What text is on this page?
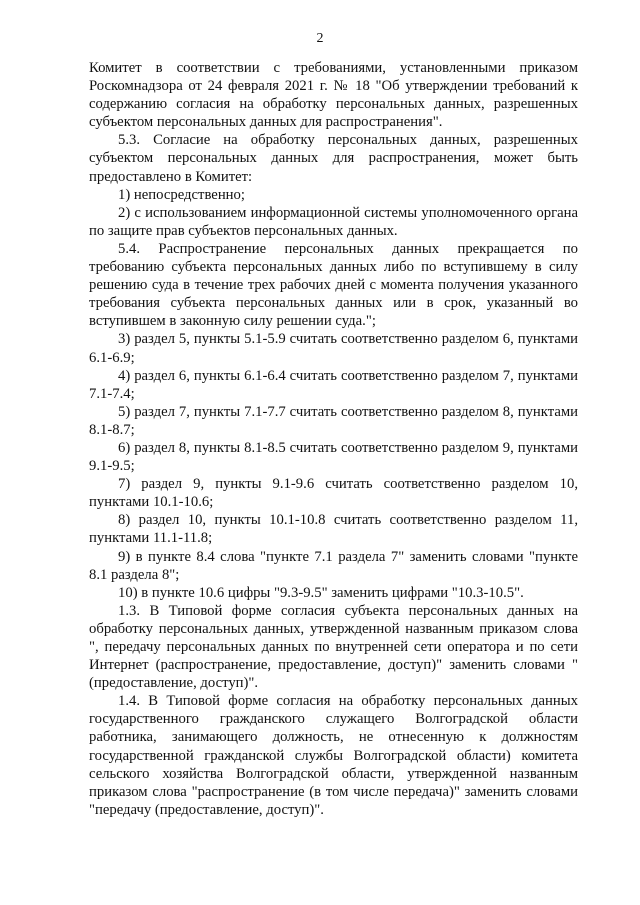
2

Комитет в соответствии с требованиями, установленными приказом Роскомнадзора от 24 февраля 2021 г. № 18 "Об утверждении требований к содержанию согласия на обработку персональных данных, разрешенных субъектом персональных данных для распространения".

5.3. Согласие на обработку персональных данных, разрешенных субъектом персональных данных для распространения, может быть предоставлено в Комитет:

1) непосредственно;

2) с использованием информационной системы уполномоченного органа по защите прав субъектов персональных данных.

5.4. Распространение персональных данных прекращается по требованию субъекта персональных данных либо по вступившему в силу решению суда в течение трех рабочих дней с момента получения указанного требования субъекта персональных данных или в срок, указанный во вступившем в законную силу решении суда.";

3) раздел 5, пункты 5.1-5.9 считать соответственно разделом 6, пунктами 6.1-6.9;

4) раздел 6, пункты 6.1-6.4 считать соответственно разделом 7, пунктами 7.1-7.4;

5) раздел 7, пункты 7.1-7.7 считать соответственно разделом 8, пунктами 8.1-8.7;

6) раздел 8, пункты 8.1-8.5 считать соответственно разделом 9, пунктами 9.1-9.5;

7) раздел 9, пункты 9.1-9.6 считать соответственно разделом 10, пунктами 10.1-10.6;

8) раздел 10, пункты 10.1-10.8 считать соответственно разделом 11, пунктами 11.1-11.8;

9) в пункте 8.4 слова "пункте 7.1 раздела 7" заменить словами "пункте 8.1 раздела 8";

10) в пункте 10.6 цифры "9.3-9.5" заменить цифрами "10.3-10.5".

1.3. В Типовой форме согласия субъекта персональных данных на обработку персональных данных, утвержденной названным приказом слова ", передачу персональных данных по внутренней сети оператора и по сети Интернет (распространение, предоставление, доступ)" заменить словами "(предоставление, доступ)".

1.4. В Типовой форме согласия на обработку персональных данных государственного гражданского служащего Волгоградской области работника, занимающего должность, не отнесенную к должностям государственной гражданской службы Волгоградской области) комитета сельского хозяйства Волгоградской области, утвержденной названным приказом слова "распространение (в том числе передача)" заменить словами "передачу (предоставление, доступ)".
